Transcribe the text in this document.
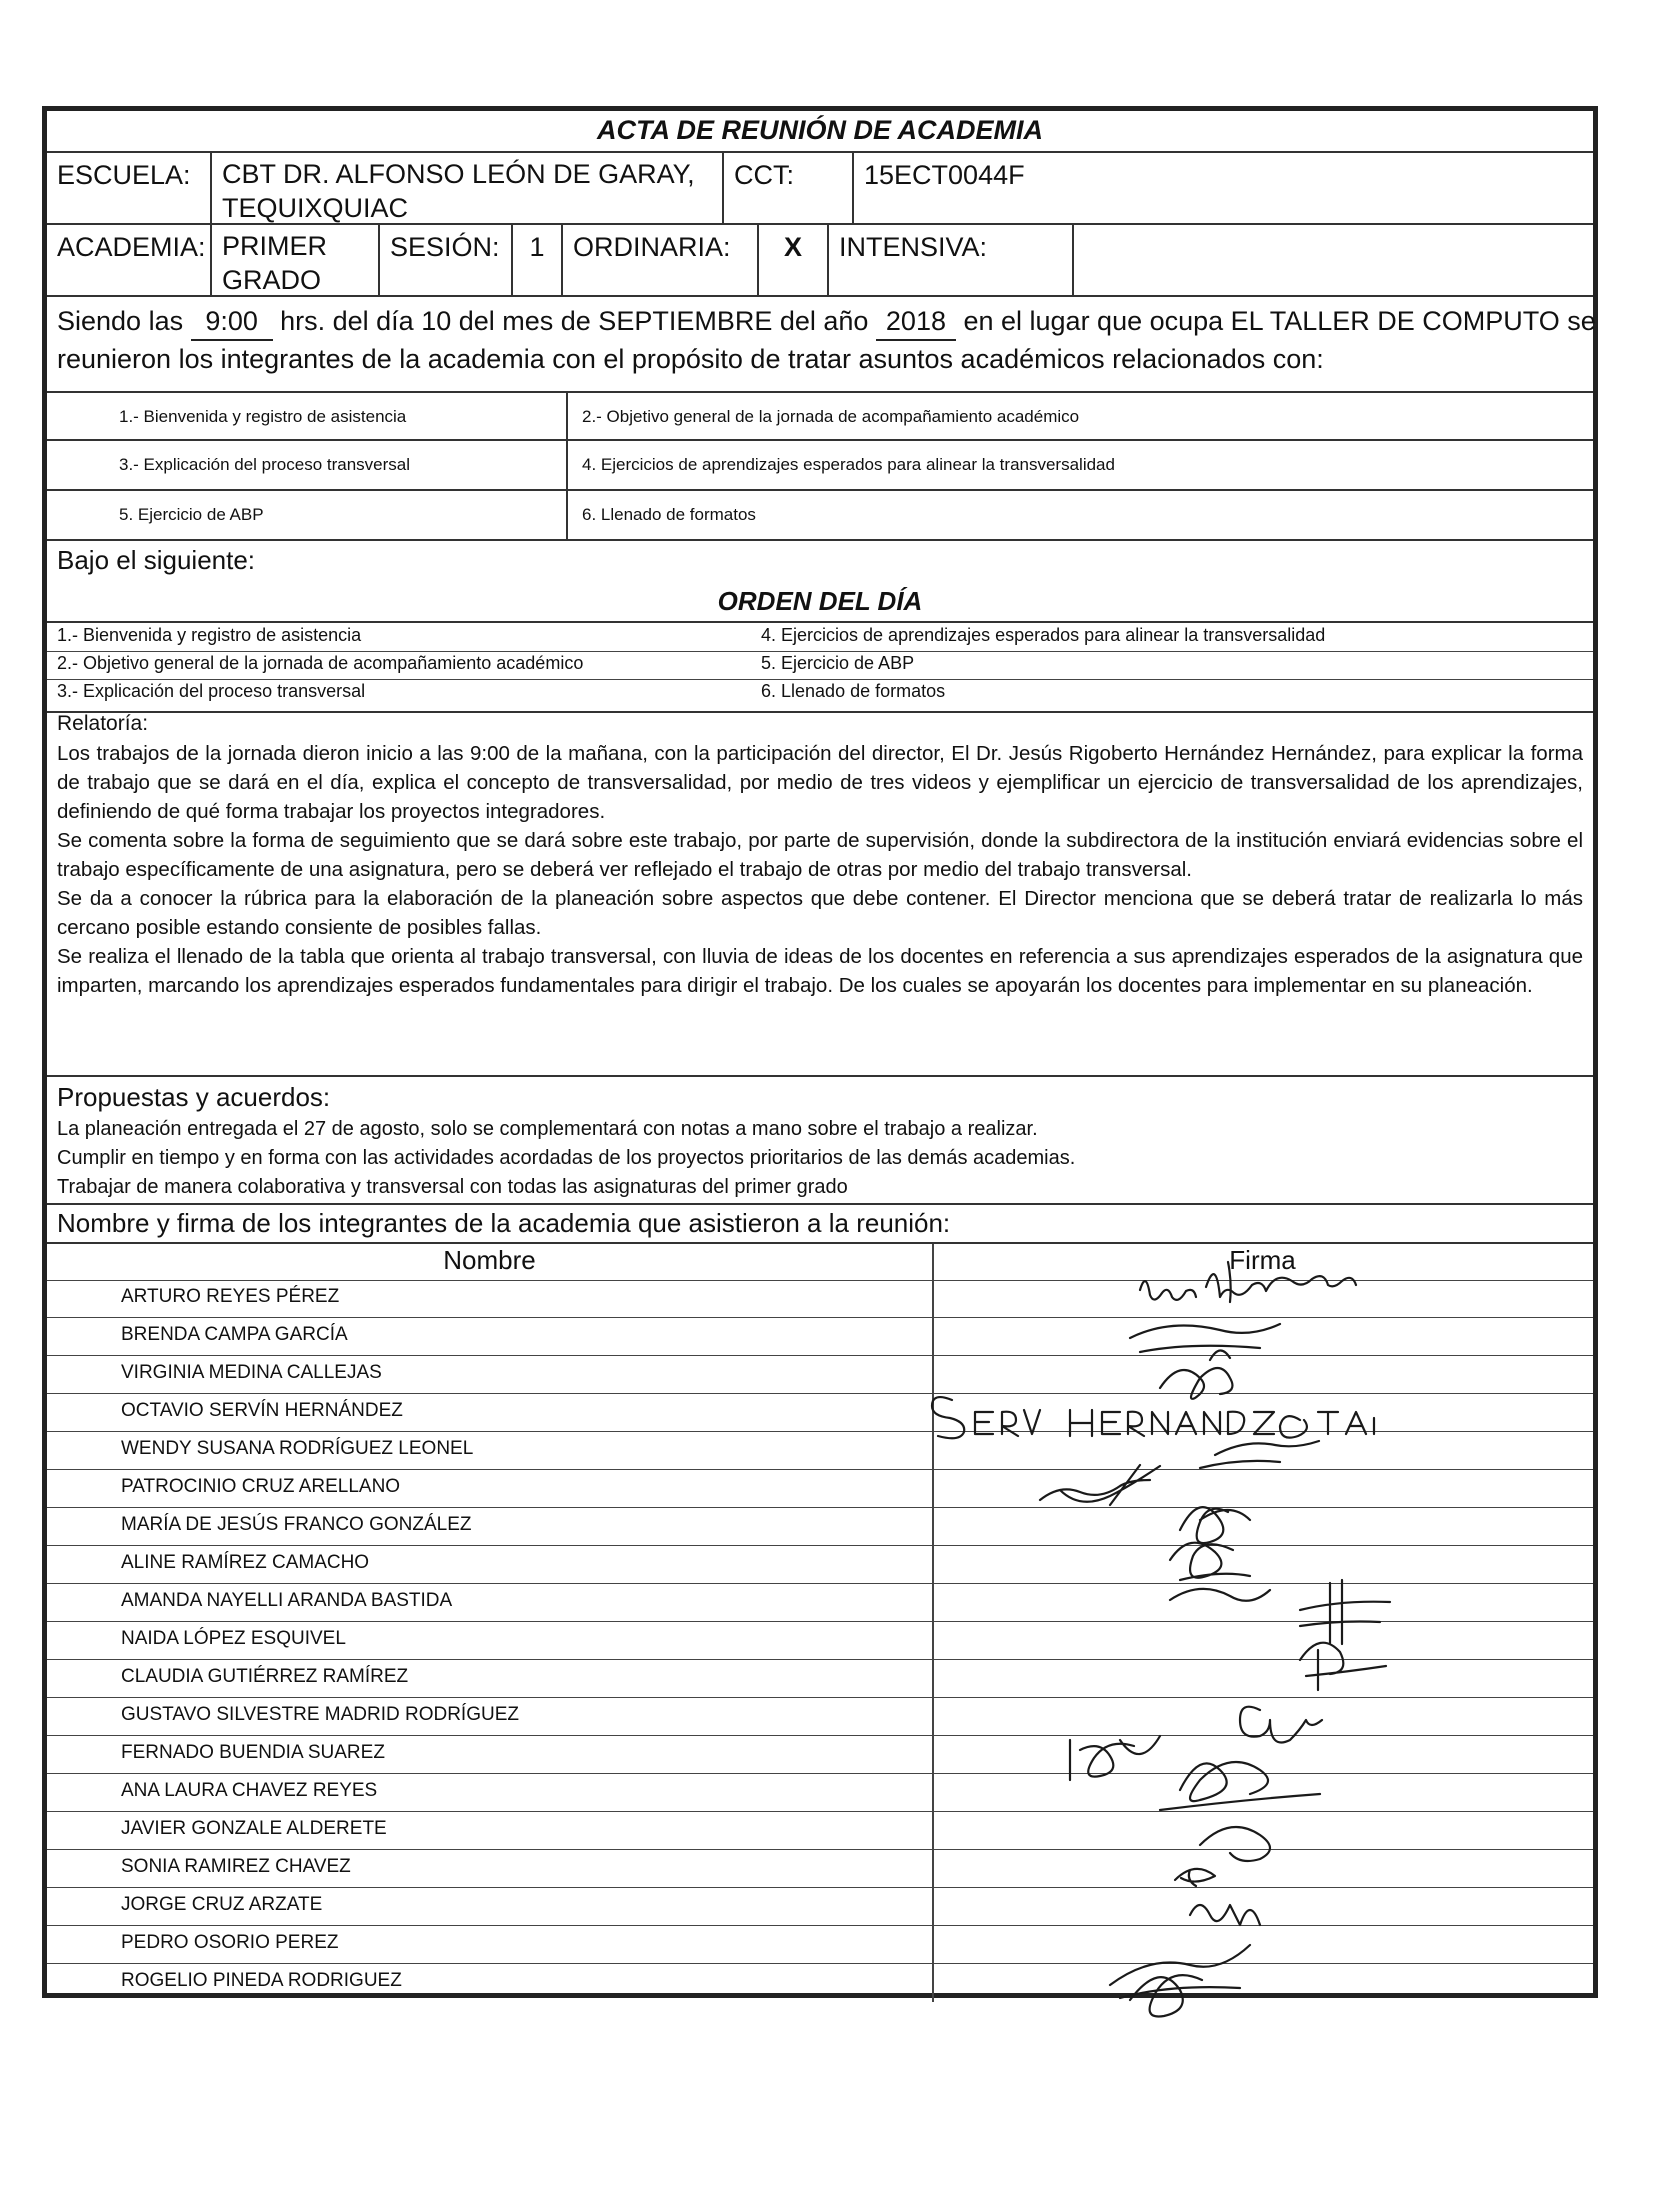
ACTA DE REUNIÓN DE ACADEMIA
ESCUELA:	CBT DR. ALFONSO LEÓN DE GARAY,
TEQUIXQUIAC
CCT:	15ECT0044F
ACADEMIA: PRIMER
GRADO
SESIÓN:	1	ORDINARIA:	X	INTENSIVA:
Siendo las 9:00 hrs. del día 10 del mes de SEPTIEMBRE del año 2018 en el lugar que ocupa EL TALLER DE COMPUTO se
reunieron los integrantes de la academia con el propósito de tratar asuntos académicos relacionados con:
1.- Bienvenida y registro de asistencia	2.- Objetivo general de la jornada de acompañamiento académico
3.- Explicación del proceso transversal	4. Ejercicios de aprendizajes esperados para alinear la transversalidad
5. Ejercicio de ABP	6. Llenado de formatos
Bajo el siguiente:
ORDEN DEL DÍA
1.- Bienvenida y registro de asistencia	4. Ejercicios de aprendizajes esperados para alinear la transversalidad
2.- Objetivo general de la jornada de acompañamiento académico	5. Ejercicio de ABP
3.- Explicación del proceso transversal	6. Llenado de formatos
Relatoría:

Los trabajos de la jornada dieron inicio a las 9:00 de la mañana, con la participación del director, El Dr. Jesús Rigoberto Hernández Hernández, para explicar la forma de trabajo que se dará en el día, explica el concepto de transversalidad, por medio de tres videos y ejemplificar un ejercicio de transversalidad de los aprendizajes, definiendo de qué forma trabajar los proyectos integradores.

Se comenta sobre la forma de seguimiento que se dará sobre este trabajo, por parte de supervisión, donde la subdirectora de la institución enviará evidencias sobre el trabajo específicamente de una asignatura, pero se deberá ver reflejado el trabajo de otras por medio del trabajo transversal.

Se da a conocer la rúbrica para la elaboración de la planeación sobre aspectos que debe contener. El Director menciona que se deberá tratar de realizarla lo más cercano posible estando consiente de posibles fallas.

Se realiza el llenado de la tabla que orienta al trabajo transversal, con lluvia de ideas de los docentes en referencia a sus aprendizajes esperados de la asignatura que imparten, marcando los aprendizajes esperados fundamentales para dirigir el trabajo. De los cuales se apoyarán los docentes para implementar en su planeación.

Propuestas y acuerdos:
La planeación entregada el 27 de agosto, solo se complementará con notas a mano sobre el trabajo a realizar.
Cumplir en tiempo y en forma con las actividades acordadas de los proyectos prioritarios de las demás academias.
Trabajar de manera colaborativa y transversal con todas las asignaturas del primer grado
Nombre y firma de los integrantes de la academia que asistieron a la reunión:
Nombre	Firma
ARTURO REYES PÉREZ
BRENDA CAMPA GARCÍA
VIRGINIA MEDINA CALLEJAS
OCTAVIO SERVÍN HERNÁNDEZ
WENDY SUSANA RODRÍGUEZ LEONEL
PATROCINIO CRUZ ARELLANO
MARÍA DE JESÚS FRANCO GONZÁLEZ
ALINE RAMÍREZ CAMACHO
AMANDA NAYELLI ARANDA BASTIDA
NAIDA LÓPEZ ESQUIVEL
CLAUDIA GUTIÉRREZ RAMÍREZ
GUSTAVO SILVESTRE MADRID RODRÍGUEZ
FERNADO BUENDIA SUAREZ
ANA LAURA CHAVEZ REYES
JAVIER GONZALE ALDERETE
SONIA RAMIREZ CHAVEZ
JORGE CRUZ ARZATE
PEDRO OSORIO PEREZ
ROGELIO PINEDA RODRIGUEZ
